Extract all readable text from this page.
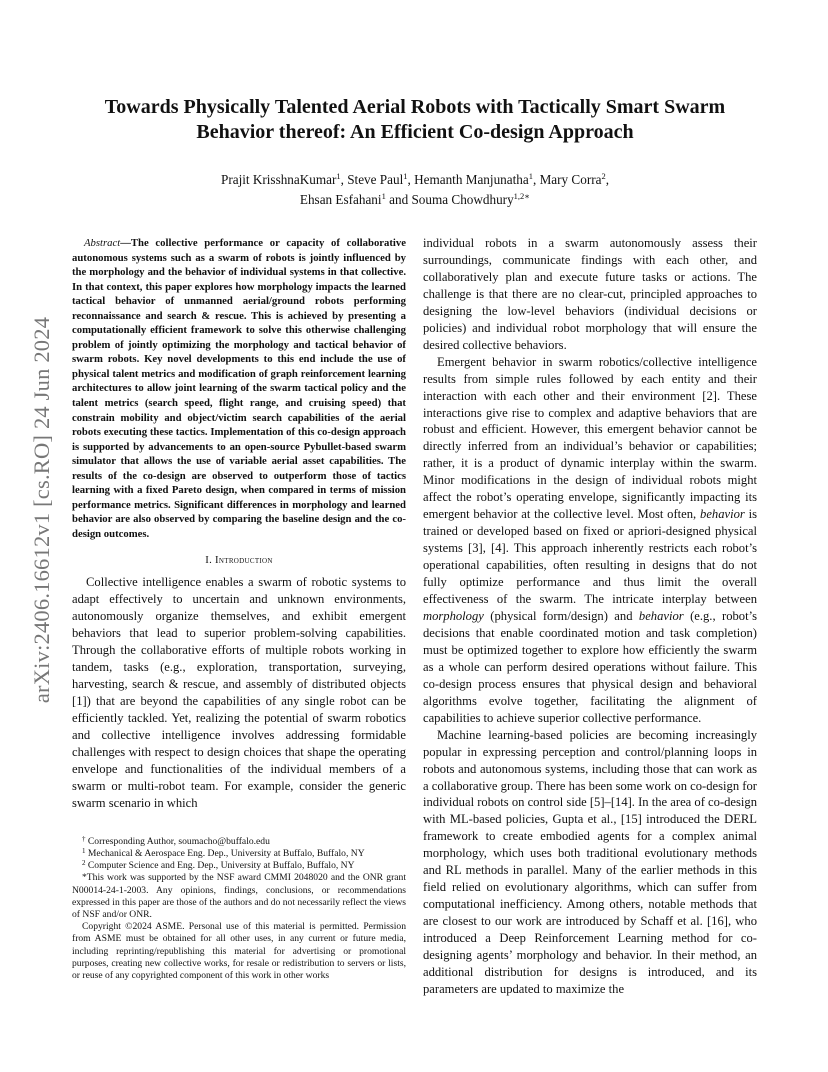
arXiv:2406.16612v1 [cs.RO] 24 Jun 2024
Towards Physically Talented Aerial Robots with Tactically Smart Swarm Behavior thereof: An Efficient Co-design Approach
Prajit KrisshnaKumar$^1$, Steve Paul$^1$, Hemanth Manjunatha$^1$, Mary Corra$^2$,
Ehsan Esfahani$^1$ and Souma Chowdhury$^{1,2∗}$

Abstract—The collective performance or capacity of collaborative autonomous systems such as a swarm of robots is jointly influenced by the morphology and the behavior of individual systems in that collective. In that context, this paper explores how morphology impacts the learned tactical behavior of unmanned aerial/ground robots performing reconnaissance and search & rescue. This is achieved by presenting a computationally efficient framework to solve this otherwise challenging problem of jointly optimizing the morphology and tactical behavior of swarm robots. Key novel developments to this end include the use of physical talent metrics and modification of graph reinforcement learning architectures to allow joint learning of the swarm tactical policy and the talent metrics (search speed, flight range, and cruising speed) that constrain mobility and object/victim search capabilities of the aerial robots executing these tactics. Implementation of this co-design approach is supported by advancements to an open-source Pybullet-based swarm simulator that allows the use of variable aerial asset capabilities. The results of the co-design are observed to outperform those of tactics learning with a fixed Pareto design, when compared in terms of mission performance metrics. Significant differences in morphology and learned behavior are also observed by comparing the baseline design and the co-design outcomes.

I. Introduction

Collective intelligence enables a swarm of robotic systems to adapt effectively to uncertain and unknown environments, autonomously organize themselves, and exhibit emergent behaviors that lead to superior problem-solving capabilities. Through the collaborative efforts of multiple robots working in tandem, tasks (e.g., exploration, transportation, surveying, harvesting, search & rescue, and assembly of distributed objects [1]) that are beyond the capabilities of any single robot can be efficiently tackled. Yet, realizing the potential of swarm robotics and collective intelligence involves addressing formidable challenges with respect to design choices that shape the operating envelope and functionalities of the individual members of a swarm or multi-robot team. For example, consider the generic swarm scenario in which

† Corresponding Author, soumacho@buffalo.edu

$^1$ Mechanical & Aerospace Eng. Dep., University at Buffalo, Buffalo, NY

$^2$ Computer Science and Eng. Dep., University at Buffalo, Buffalo, NY

*This work was supported by the NSF award CMMI 2048020 and the ONR grant N00014-24-1-2003. Any opinions, findings, conclusions, or recommendations expressed in this paper are those of the authors and do not necessarily reflect the views of NSF and/or ONR.

Copyright ©2024 ASME. Personal use of this material is permitted. Permission from ASME must be obtained for all other uses, in any current or future media, including reprinting/republishing this material for advertising or promotional purposes, creating new collective works, for resale or redistribution to servers or lists, or reuse of any copyrighted component of this work in other works

individual robots in a swarm autonomously assess their surroundings, communicate findings with each other, and collaboratively plan and execute future tasks or actions. The challenge is that there are no clear-cut, principled approaches to designing the low-level behaviors (individual decisions or policies) and individual robot morphology that will ensure the desired collective behaviors.

Emergent behavior in swarm robotics/collective intelligence results from simple rules followed by each entity and their interaction with each other and their environment [2]. These interactions give rise to complex and adaptive behaviors that are robust and efficient. However, this emergent behavior cannot be directly inferred from an individual’s behavior or capabilities; rather, it is a product of dynamic interplay within the swarm. Minor modifications in the design of individual robots might affect the robot’s operating envelope, significantly impacting its emergent behavior at the collective level. Most often, behavior is trained or developed based on fixed or apriori-designed physical systems [3], [4]. This approach inherently restricts each robot’s operational capabilities, often resulting in designs that do not fully optimize performance and thus limit the overall effectiveness of the swarm. The intricate interplay between morphology (physical form/design) and behavior (e.g., robot’s decisions that enable coordinated motion and task completion) must be optimized together to explore how efficiently the swarm as a whole can perform desired operations without failure. This co-design process ensures that physical design and behavioral algorithms evolve together, facilitating the alignment of capabilities to achieve superior collective performance.

Machine learning-based policies are becoming increasingly popular in expressing perception and control/planning loops in robots and autonomous systems, including those that can work as a collaborative group. There has been some work on co-design for individual robots on control side [5]–[14]. In the area of co-design with ML-based policies, Gupta et al., [15] introduced the DERL framework to create embodied agents for a complex animal morphology, which uses both traditional evolutionary methods and RL methods in parallel. Many of the earlier methods in this field relied on evolutionary algorithms, which can suffer from computational inefficiency. Among others, notable methods that are closest to our work are introduced by Schaff et al. [16], who introduced a Deep Reinforcement Learning method for co-designing agents’ morphology and behavior. In their method, an additional distribution for designs is introduced, and its parameters are updated to maximize the
